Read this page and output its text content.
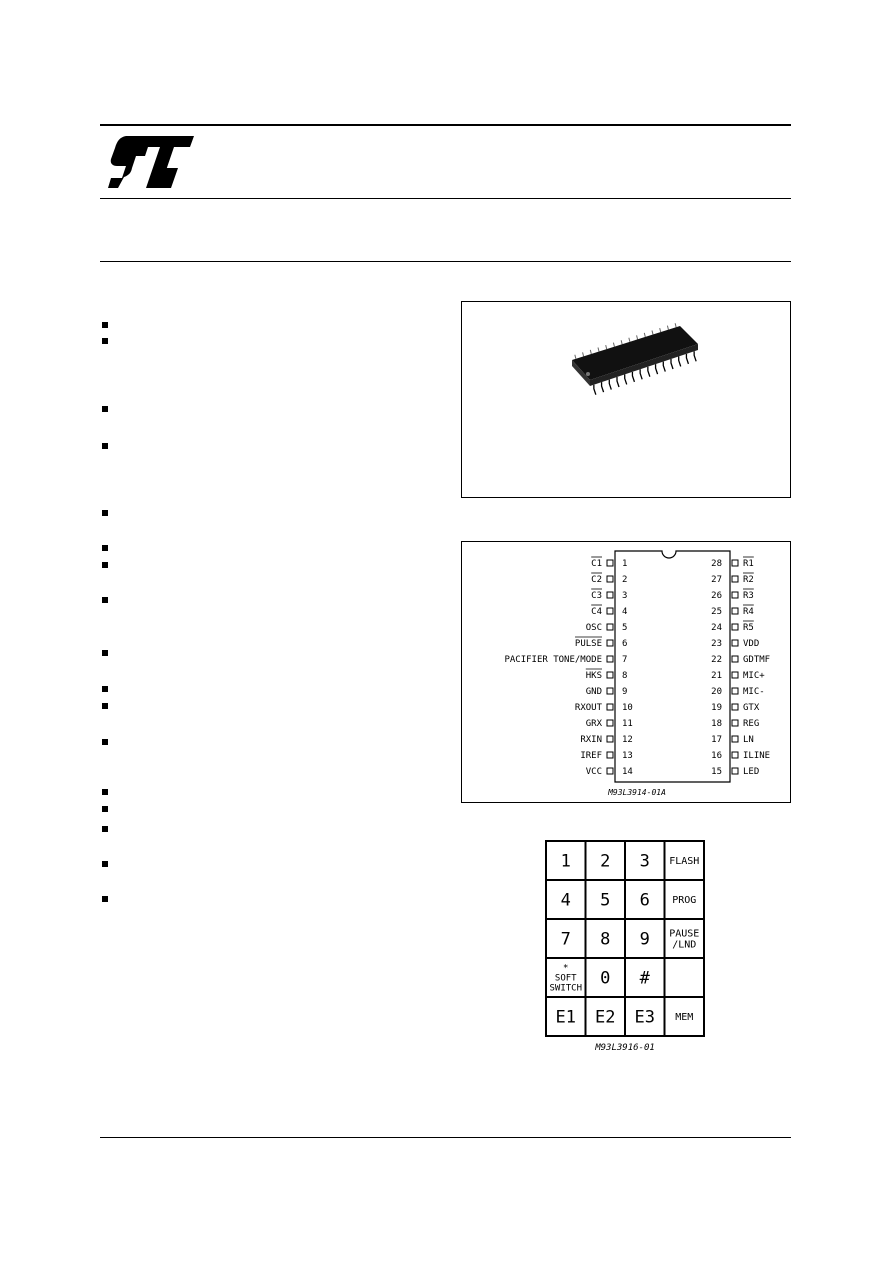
1
C1
2
C2
3
C3
4
C4
5
OSC
6
PULSE
7
PACIFIER TONE/MODE
8
HKS
9
GND
10
RXOUT
11
GRX
12
RXIN
13
IREF
14
VCC
28 R1
27 R2
26 R3
25 R4
24 R5
23 VDD
22 GDTMF
21 MIC+
20 MIC-
19 GTX
18 REG
17 LN
16 ILINE
15 LED
M93L3914-01A
1 2 3 FLASH
4 5 6 PROG
7 8 9 PAUSE
/LND
*
SOFT
SWITCH
0 #
E1 E2 E3 MEM
M93L3916-01
